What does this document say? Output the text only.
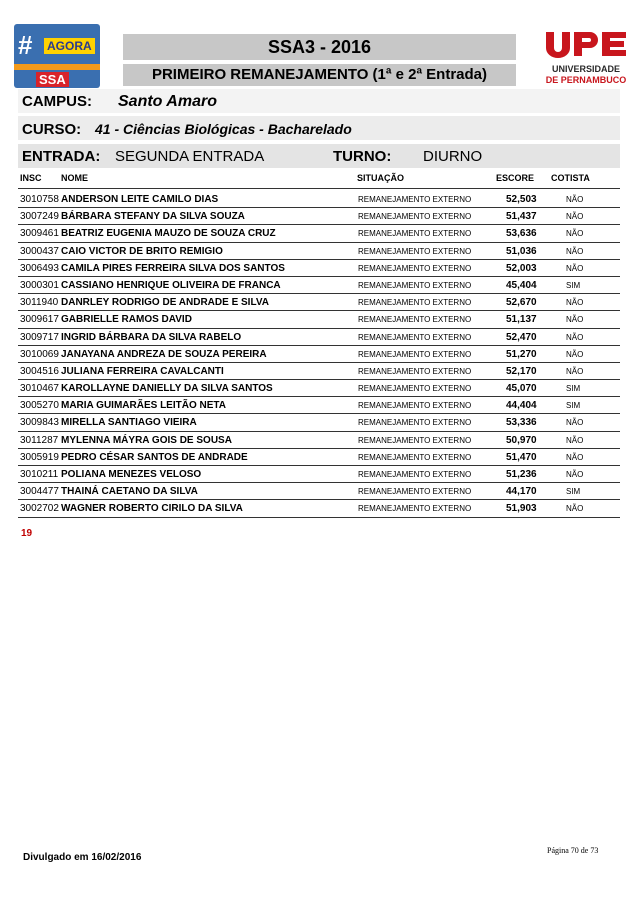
# AGORA
SSA
SSA3 - 2016
PRIMEIRO REMANEJAMENTO (1ª e 2ª Entrada)	UNIVERSIDADE
DE PERNAMBUCO
CAMPUS: Santo Amaro
CURSO: 41 - Ciências Biológicas - Bacharelado
ENTRADA: SEGUNDA ENTRADA	TURNO: DIURNO
INSC NOME	SITUAÇÃO	ESCORE COTISTA
3010758 ANDERSON LEITE CAMILO DIAS	REMANEJAMENTO EXTERNO	52,503	NÃO
3007249 BÁRBARA STEFANY DA SILVA SOUZA	REMANEJAMENTO EXTERNO	51,437	NÃO
3009461 BEATRIZ EUGENIA MAUZO DE SOUZA CRUZ	REMANEJAMENTO EXTERNO	53,636	NÃO
3000437 CAIO VICTOR DE BRITO REMIGIO	REMANEJAMENTO EXTERNO	51,036	NÃO
3006493 CAMILA PIRES FERREIRA SILVA DOS SANTOS	REMANEJAMENTO EXTERNO	52,003	NÃO
3000301 CASSIANO HENRIQUE OLIVEIRA DE FRANCA	REMANEJAMENTO EXTERNO	45,404	SIM
3011940 DANRLEY RODRIGO DE ANDRADE E SILVA	REMANEJAMENTO EXTERNO	52,670	NÃO
3009617 GABRIELLE RAMOS DAVID	REMANEJAMENTO EXTERNO	51,137	NÃO
3009717 INGRID BÁRBARA DA SILVA RABELO	REMANEJAMENTO EXTERNO	52,470	NÃO
3010069 JANAYANA ANDREZA DE SOUZA PEREIRA	REMANEJAMENTO EXTERNO	51,270	NÃO
3004516 JULIANA FERREIRA CAVALCANTI	REMANEJAMENTO EXTERNO	52,170	NÃO
3010467 KAROLLAYNE DANIELLY DA SILVA SANTOS	REMANEJAMENTO EXTERNO	45,070	SIM
3005270 MARIA GUIMARÃES LEITÃO NETA	REMANEJAMENTO EXTERNO	44,404	SIM
3009843 MIRELLA SANTIAGO VIEIRA	REMANEJAMENTO EXTERNO	53,336	NÃO
3011287 MYLENNA MÁYRA GOIS DE SOUSA	REMANEJAMENTO EXTERNO	50,970	NÃO
3005919 PEDRO CÉSAR SANTOS DE ANDRADE	REMANEJAMENTO EXTERNO	51,470	NÃO
3010211 POLIANA MENEZES VELOSO	REMANEJAMENTO EXTERNO	51,236	NÃO
3004477 THAINÁ CAETANO DA SILVA	REMANEJAMENTO EXTERNO	44,170	SIM
3002702 WAGNER ROBERTO CIRILO DA SILVA	REMANEJAMENTO EXTERNO	51,903	NÃO
19
Divulgado em 16/02/2016
Página 70 de 73
